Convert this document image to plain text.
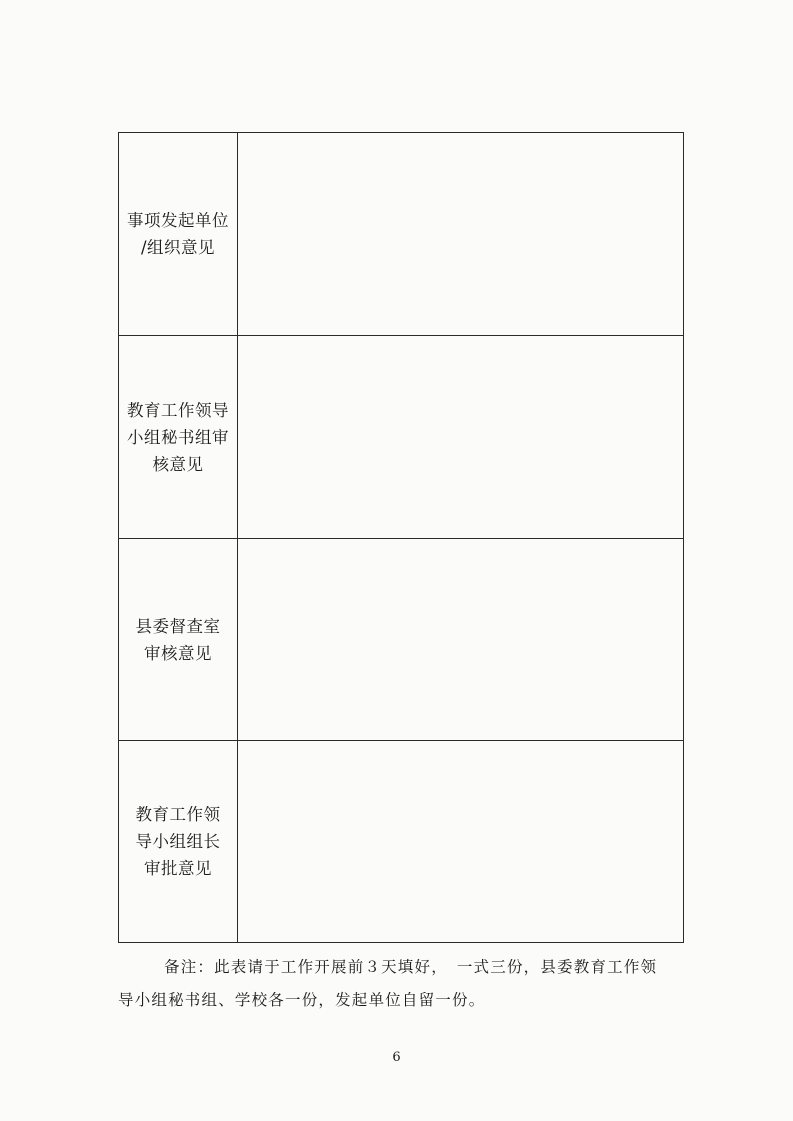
事项发起单位
/组织意见	

教育工作领导
小组秘书组审
核意见	

县委督查室
审核意见	

教育工作领
导小组组长
审批意见	

备注：此表请于工作开展前３天填好，　一式三份，县委教育工作领
导小组秘书组、学校各一份，发起单位自留一份。
6
